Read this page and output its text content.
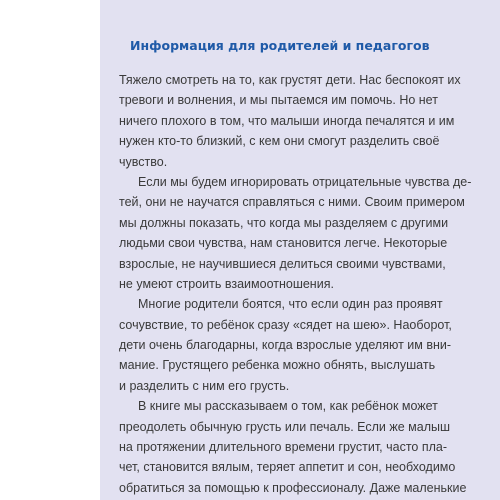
Информация для родителей и педагогов
Тяжело смотреть на то, как грустят дети. Нас беспокоят их
тревоги и волнения, и мы пытаемся им помочь. Но нет
ничего плохого в том, что малыши иногда печалятся и им
нужен кто-то близкий, с кем они смогут разделить своё
чувство.
Если мы будем игнорировать отрицательные чувства де-
тей, они не научатся справляться с ними. Своим примером
мы должны показать, что когда мы разделяем с другими
людьми свои чувства, нам становится легче. Некоторые
взрослые, не научившиеся делиться своими чувствами,
не умеют строить взаимоотношения.
Многие родители боятся, что если один раз проявят
сочувствие, то ребёнок сразу «сядет на шею». Наоборот,
дети очень благодарны, когда взрослые уделяют им вни-
мание. Грустящего ребенка можно обнять, выслушать
и разделить с ним его грусть.
В книге мы рассказываем о том, как ребёнок может
преодолеть обычную грусть или печаль. Если же малыш
на протяжении длительного времени грустит, часто пла-
чет, становится вялым, теряет аппетит и сон, необходимо
обратиться за помощью к профессионалу. Даже маленькие
